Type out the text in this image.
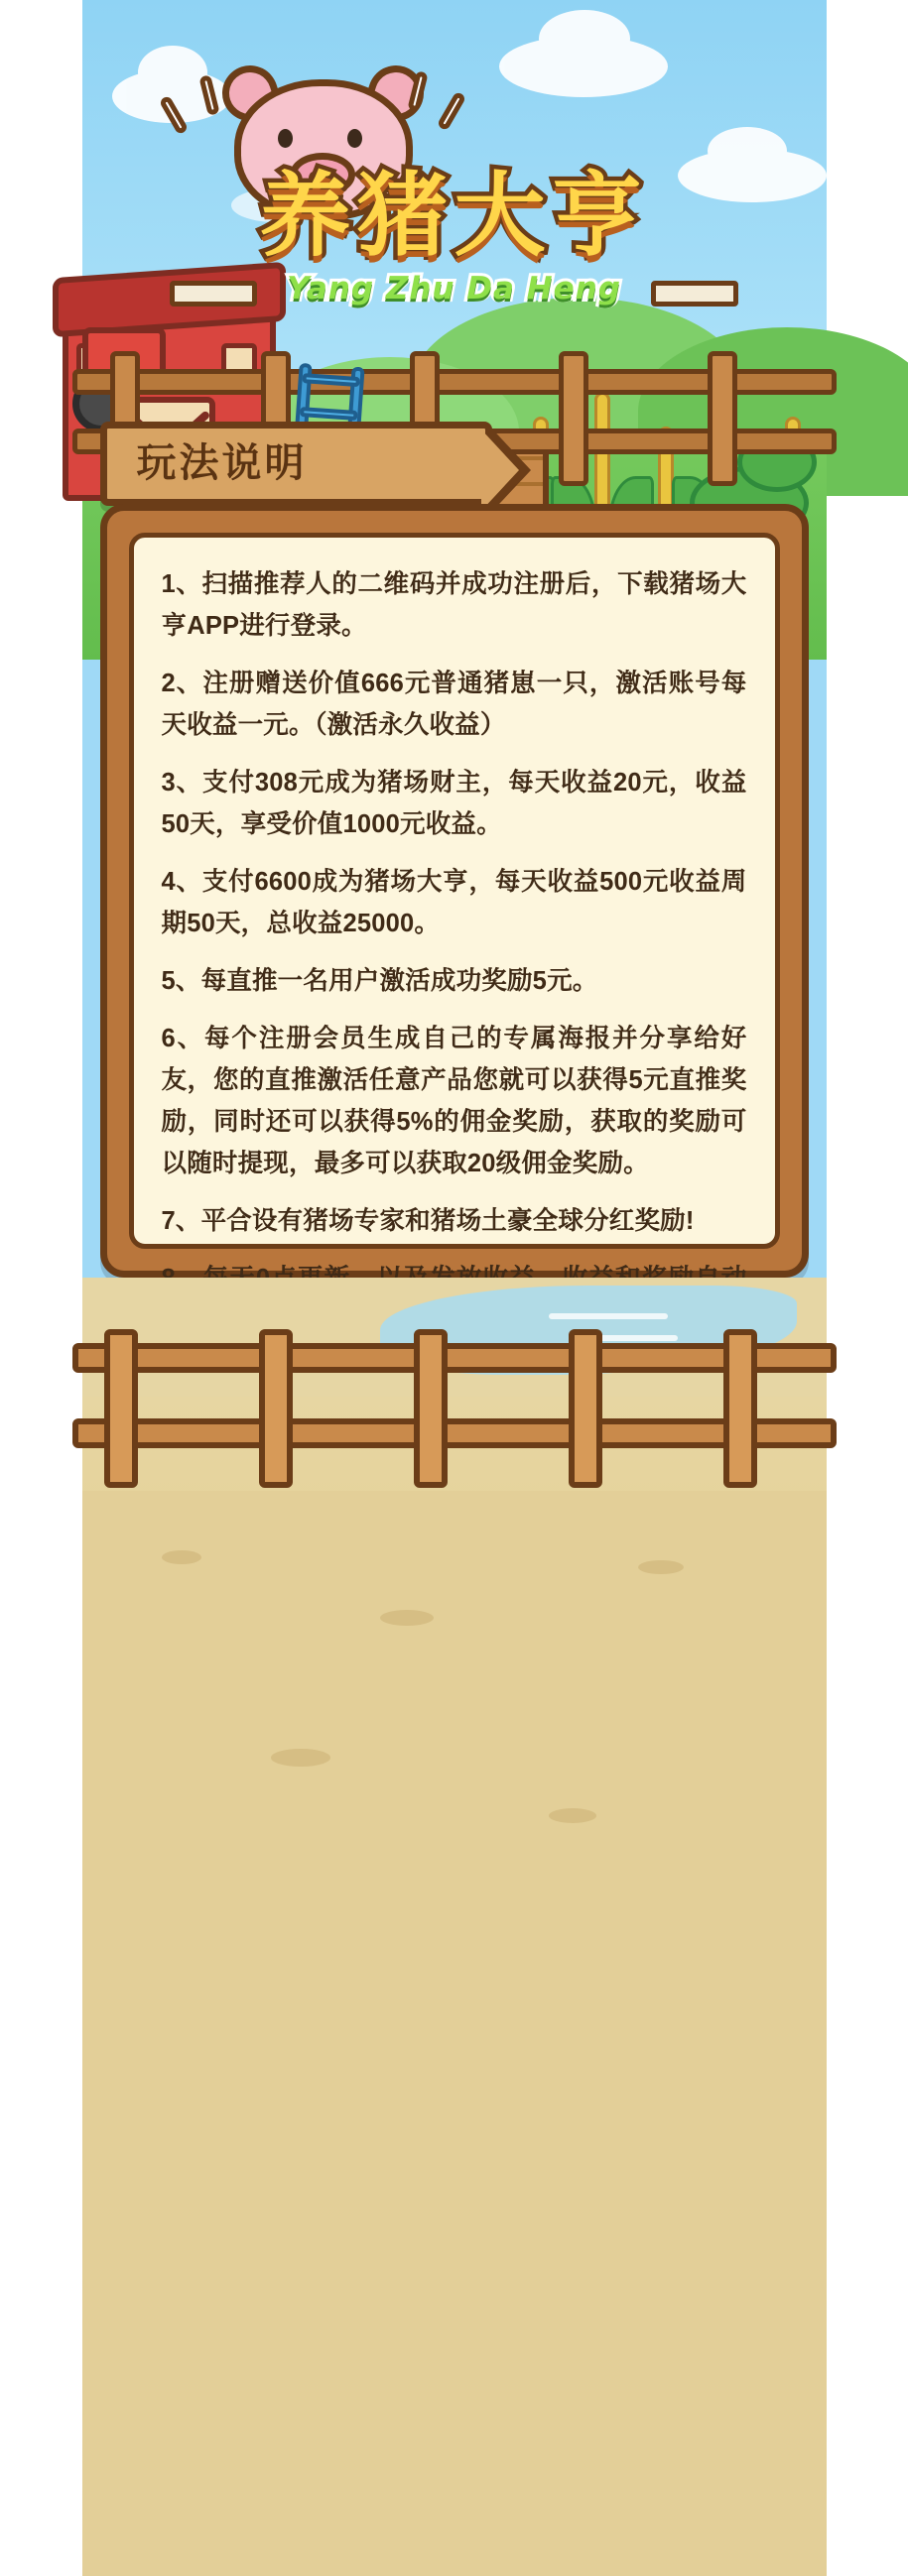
养猪大亨

Yang Zhu Da Heng

玩法说明

1、扫描推荐人的二维码并成功注册后，下载猪场大亨APP进行登录。

2、注册赠送价值666元普通猪崽一只，激活账号每天收益一元。（激活永久收益）

3、支付308元成为猪场财主，每天收益20元，收益50天，享受价值1000元收益。

4、支付6600成为猪场大亨，每天收益500元收益周期50天，总收益25000。

5、每直推一名用户激活成功奖励5元。

6、每个注册会员生成自己的专属海报并分享给好友，您的直推激活任意产品您就可以获得5元直推奖励，同时还可以获得5%的佣金奖励，获取的奖励可以随时提现，最多可以获取20级佣金奖励。

7、平合设有猪场专家和猪场土豪全球分红奖励!
